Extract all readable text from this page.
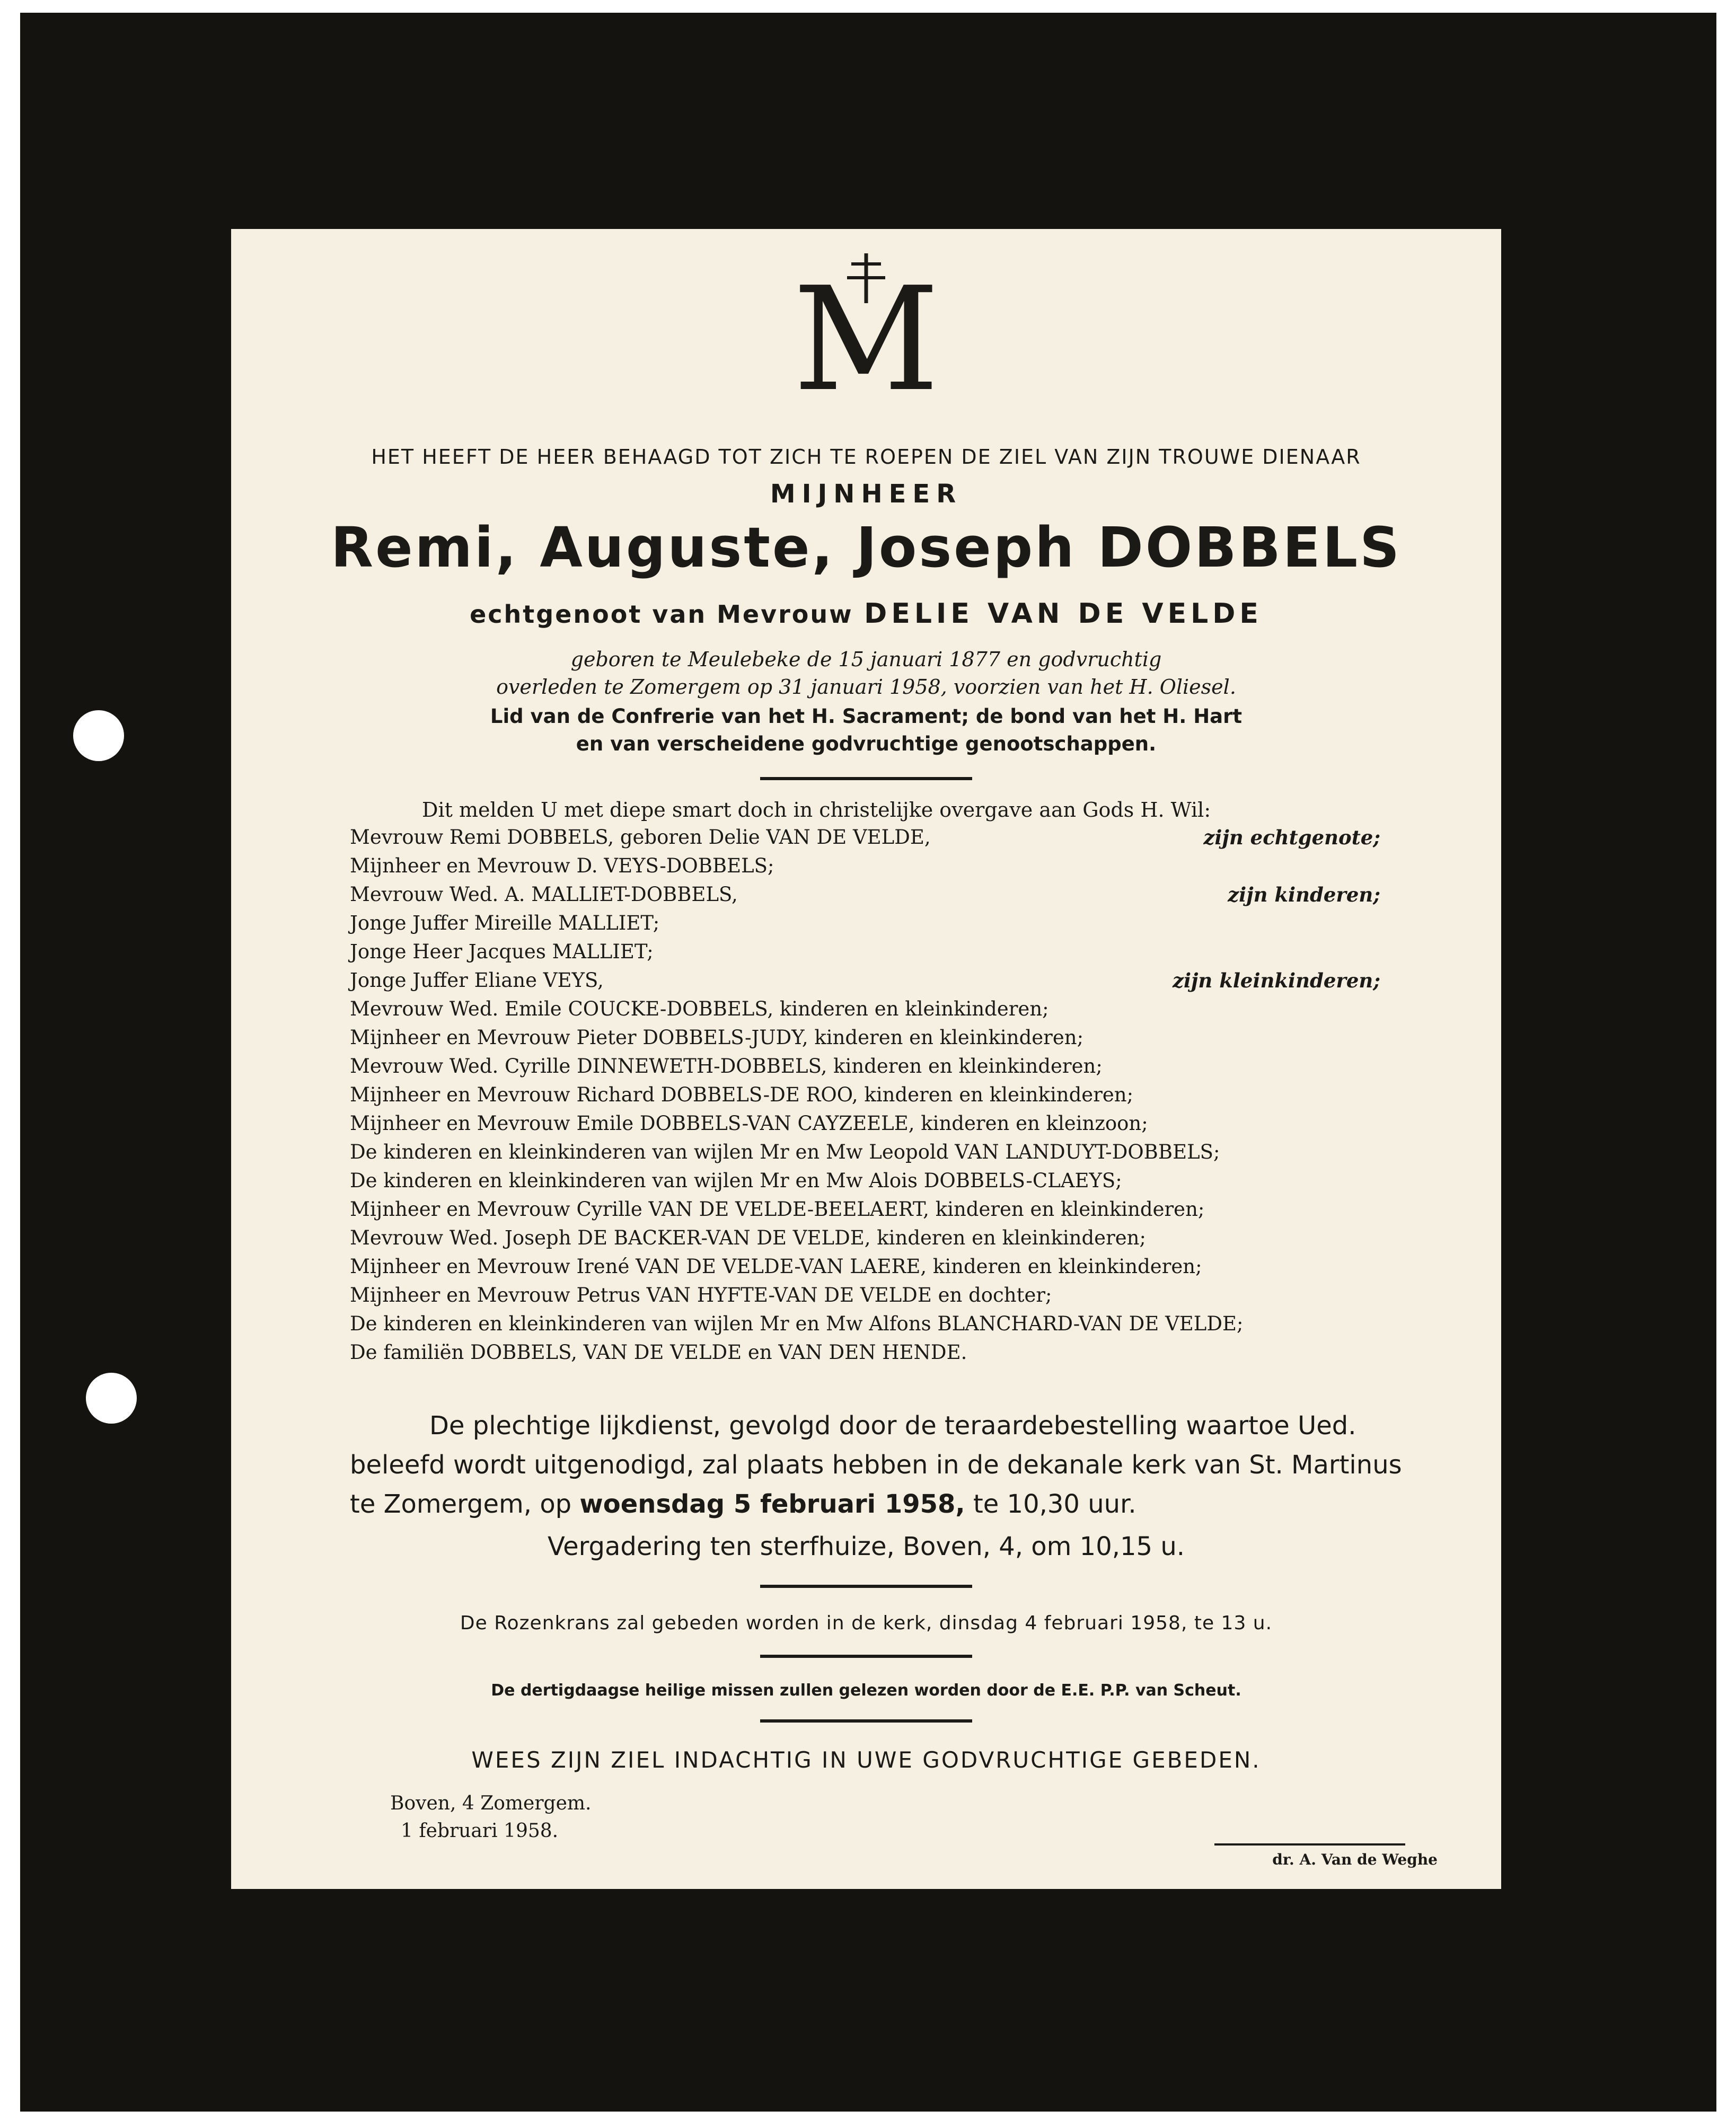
M
HET HEEFT DE HEER BEHAAGD TOT ZICH TE ROEPEN DE ZIEL VAN ZIJN TROUWE DIENAAR
MIJNHEER
Remi, Auguste, Joseph DOBBELS
echtgenoot van Mevrouw DELIE VAN DE VELDE
geboren te Meulebeke de 15 januari 1877 en godvruchtig
overleden te Zomergem op 31 januari 1958, voorzien van het H. Oliesel.
Lid van de Confrerie van het H. Sacrament; de bond van het H. Hart
en van verscheidene godvruchtige genootschappen.
Dit melden U met diepe smart doch in christelijke overgave aan Gods H. Wil:
Mevrouw Remi DOBBELS, geboren Delie VAN DE VELDE,	zijn echtgenote;
Mijnheer en Mevrouw D. VEYS-DOBBELS;
Mevrouw Wed. A. MALLIET-DOBBELS,	zijn kinderen;
Jonge Juffer Mireille MALLIET;
Jonge Heer Jacques MALLIET;
Jonge Juffer Eliane VEYS,	zijn kleinkinderen;
Mevrouw Wed. Emile COUCKE-DOBBELS, kinderen en kleinkinderen;
Mijnheer en Mevrouw Pieter DOBBELS-JUDY, kinderen en kleinkinderen;
Mevrouw Wed. Cyrille DINNEWETH-DOBBELS, kinderen en kleinkinderen;
Mijnheer en Mevrouw Richard DOBBELS-DE ROO, kinderen en kleinkinderen;
Mijnheer en Mevrouw Emile DOBBELS-VAN CAYZEELE, kinderen en kleinzoon;
De kinderen en kleinkinderen van wijlen Mr en Mw Leopold VAN LANDUYT-DOBBELS;
De kinderen en kleinkinderen van wijlen Mr en Mw Alois DOBBELS-CLAEYS;
Mijnheer en Mevrouw Cyrille VAN DE VELDE-BEELAERT, kinderen en kleinkinderen;
Mevrouw Wed. Joseph DE BACKER-VAN DE VELDE, kinderen en kleinkinderen;
Mijnheer en Mevrouw Irené VAN DE VELDE-VAN LAERE, kinderen en kleinkinderen;
Mijnheer en Mevrouw Petrus VAN HYFTE-VAN DE VELDE en dochter;
De kinderen en kleinkinderen van wijlen Mr en Mw Alfons BLANCHARD-VAN DE VELDE;
De familiën DOBBELS, VAN DE VELDE en VAN DEN HENDE.
De plechtige lijkdienst, gevolgd door de teraardebestelling waartoe Ued.
beleefd wordt uitgenodigd, zal plaats hebben in de dekanale kerk van St. Martinus
te Zomergem, op woensdag 5 februari 1958, te 10,30 uur.
Vergadering ten sterfhuize, Boven, 4, om 10,15 u.
De Rozenkrans zal gebeden worden in de kerk, dinsdag 4 februari 1958, te 13 u.
De dertigdaagse heilige missen zullen gelezen worden door de E.E. P.P. van Scheut.
WEES ZIJN ZIEL INDACHTIG IN UWE GODVRUCHTIGE GEBEDEN.
Boven, 4 Zomergem.
1 februari 1958.
dr. A. Van de Weghe
